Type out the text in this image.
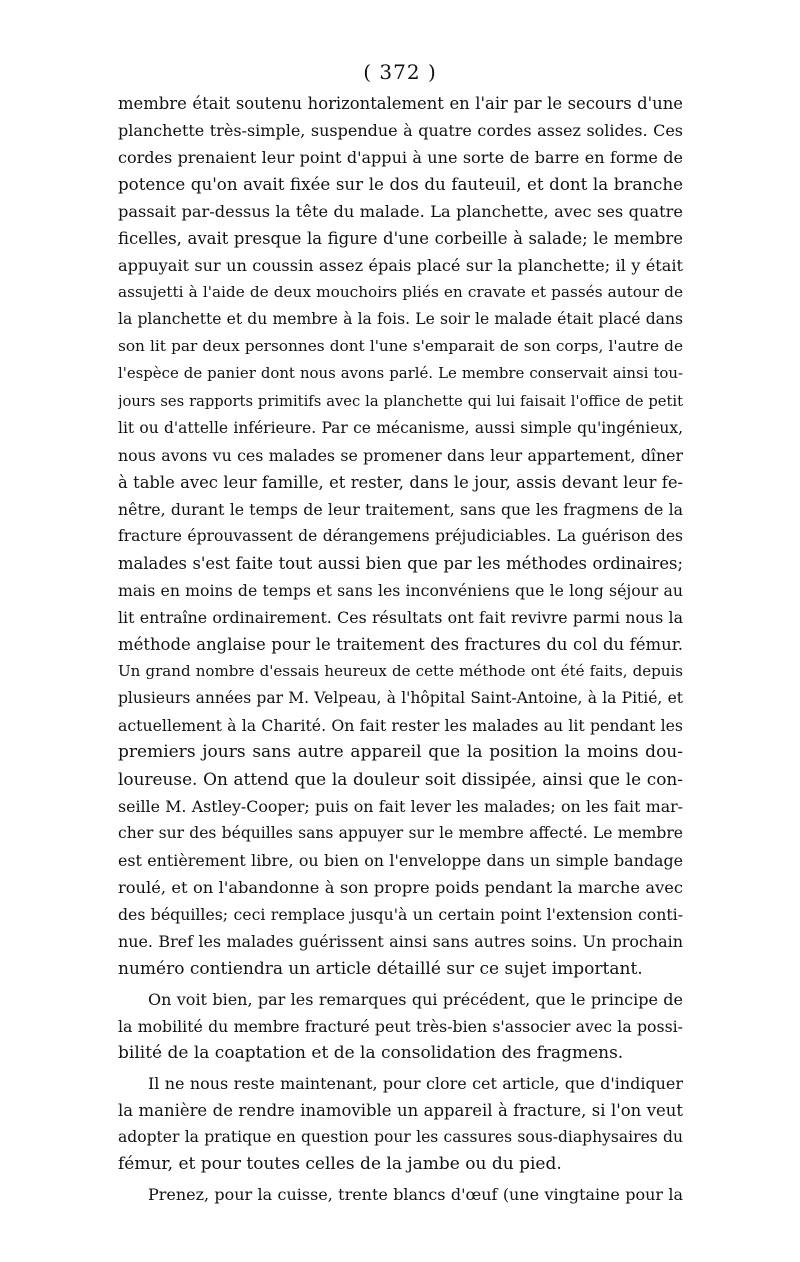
( 372 )
membre était soutenu horizontalement en l'air par le secours d'une
planchette très-simple, suspendue à quatre cordes assez solides. Ces
cordes prenaient leur point d'appui à une sorte de barre en forme de
potence qu'on avait fixée sur le dos du fauteuil, et dont la branche
passait par-dessus la tête du malade. La planchette, avec ses quatre
ficelles, avait presque la figure d'une corbeille à salade; le membre
appuyait sur un coussin assez épais placé sur la planchette; il y était
assujetti à l'aide de deux mouchoirs pliés en cravate et passés autour de
la planchette et du membre à la fois. Le soir le malade était placé dans
son lit par deux personnes dont l'une s'emparait de son corps, l'autre de
l'espèce de panier dont nous avons parlé. Le membre conservait ainsi tou-
jours ses rapports primitifs avec la planchette qui lui faisait l'office de petit
lit ou d'attelle inférieure. Par ce mécanisme, aussi simple qu'ingénieux,
nous avons vu ces malades se promener dans leur appartement, dîner
à table avec leur famille, et rester, dans le jour, assis devant leur fe-
nêtre, durant le temps de leur traitement, sans que les fragmens de la
fracture éprouvassent de dérangemens préjudiciables. La guérison des
malades s'est faite tout aussi bien que par les méthodes ordinaires;
mais en moins de temps et sans les inconvéniens que le long séjour au
lit entraîne ordinairement. Ces résultats ont fait revivre parmi nous la
méthode anglaise pour le traitement des fractures du col du fémur.
Un grand nombre d'essais heureux de cette méthode ont été faits, depuis
plusieurs années par M. Velpeau, à l'hôpital Saint-Antoine, à la Pitié, et
actuellement à la Charité. On fait rester les malades au lit pendant les
premiers jours sans autre appareil que la position la moins dou-
loureuse. On attend que la douleur soit dissipée, ainsi que le con-
seille M. Astley-Cooper; puis on fait lever les malades; on les fait mar-
cher sur des béquilles sans appuyer sur le membre affecté. Le membre
est entièrement libre, ou bien on l'enveloppe dans un simple bandage
roulé, et on l'abandonne à son propre poids pendant la marche avec
des béquilles; ceci remplace jusqu'à un certain point l'extension conti-
nue. Bref les malades guérissent ainsi sans autres soins. Un prochain
numéro contiendra un article détaillé sur ce sujet important.
On voit bien, par les remarques qui précédent, que le principe de
la mobilité du membre fracturé peut très-bien s'associer avec la possi-
bilité de la coaptation et de la consolidation des fragmens.
Il ne nous reste maintenant, pour clore cet article, que d'indiquer
la manière de rendre inamovible un appareil à fracture, si l'on veut
adopter la pratique en question pour les cassures sous-diaphysaires du
fémur, et pour toutes celles de la jambe ou du pied.
Prenez, pour la cuisse, trente blancs d'œuf (une vingtaine pour la
